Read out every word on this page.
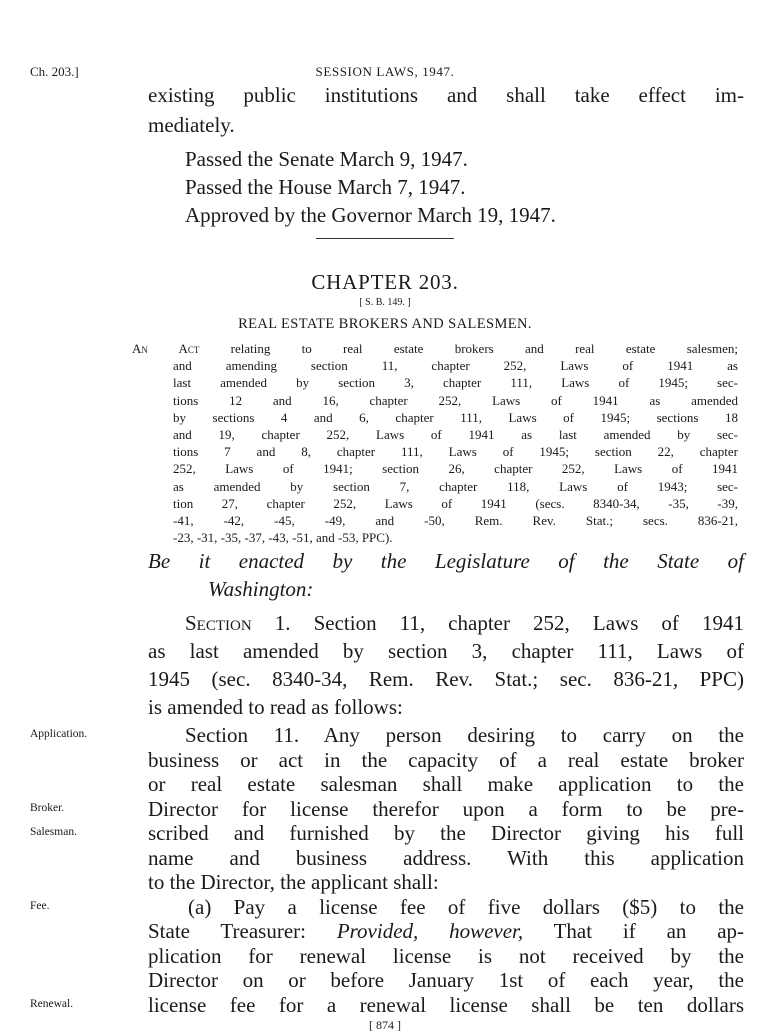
Ch. 203.]	SESSION LAWS, 1947.
existing public institutions and shall take effect im-
mediately.
Passed the Senate March 9, 1947.
Passed the House March 7, 1947.
Approved by the Governor March 19, 1947.
CHAPTER 203.
[ S. B. 149. ]
REAL ESTATE BROKERS AND SALESMEN.
An Act relating to real estate brokers and real estate salesmen;
and amending section 11, chapter 252, Laws of 1941 as
last amended by section 3, chapter 111, Laws of 1945; sec-
tions 12 and 16, chapter 252, Laws of 1941 as amended
by sections 4 and 6, chapter 111, Laws of 1945; sections 18
and 19, chapter 252, Laws of 1941 as last amended by sec-
tions 7 and 8, chapter 111, Laws of 1945; section 22, chapter
252, Laws of 1941; section 26, chapter 252, Laws of 1941
as amended by section 7, chapter 118, Laws of 1943; sec-
tion 27, chapter 252, Laws of 1941 (secs. 8340-34, -35, -39,
-41, -42, -45, -49, and -50, Rem. Rev. Stat.; secs. 836-21,
-23, -31, -35, -37, -43, -51, and -53, PPC).
Be it enacted by the Legislature of the State of
Washington:
Section 1. Section 11, chapter 252, Laws of 1941
as last amended by section 3, chapter 111, Laws of
1945 (sec. 8340-34, Rem. Rev. Stat.; sec. 836-21, PPC)
is amended to read as follows:
Section 11. Any person desiring to carry on the
business or act in the capacity of a real estate broker
or real estate salesman shall make application to the
Director for license therefor upon a form to be pre-
scribed and furnished by the Director giving his full
name and business address. With this application
to the Director, the applicant shall:
(a) Pay a license fee of five dollars ($5) to the
State Treasurer: Provided, however, That if an ap-
plication for renewal license is not received by the
Director on or before January 1st of each year, the
Application.
Broker.
Salesman.
Fee.
Renewal.	license fee for a renewal license shall be ten dollars
[ 874 ]
